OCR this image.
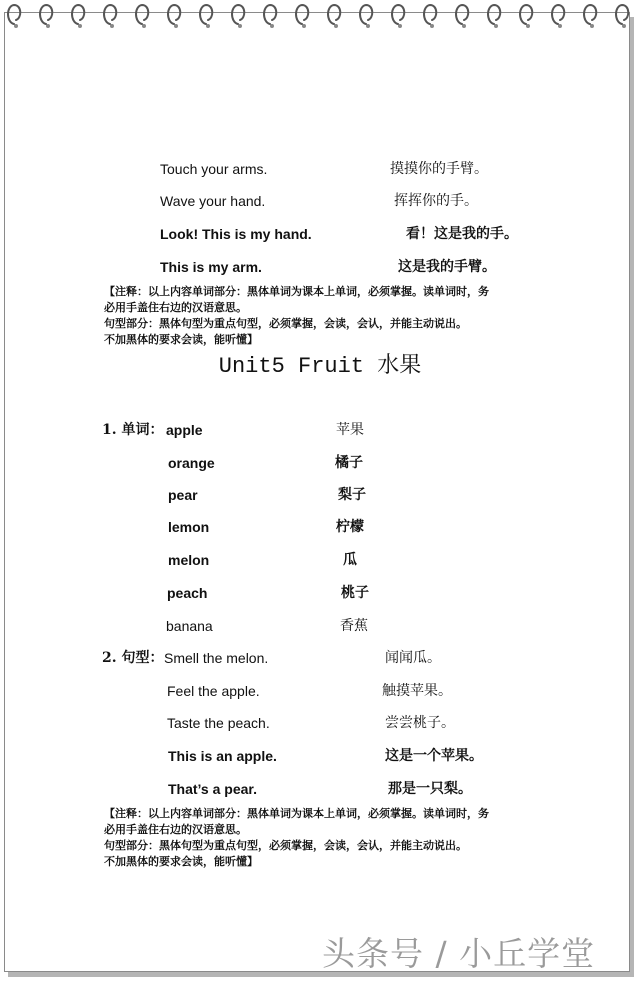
Touch your arms.	摸摸你的手臂。
Wave your hand.	挥挥你的手。
Look! This is my hand.	看！这是我的手。
This is my arm.	这是我的手臂。
【注释：以上内容单词部分：黑体单词为课本上单词，必须掌握。读单词时，务
必用手盖住右边的汉语意思。
句型部分：黑体句型为重点句型，必须掌握，会读，会认，并能主动说出。
不加黑体的要求会读，能听懂】
Unit5 Fruit 水果
1. 单词： apple	苹果
orange	橘子
pear	梨子
lemon	柠檬
melon	瓜
peach	桃子
banana	香蕉
2. 句型： Smell the melon.	闻闻瓜。
Feel the apple.	触摸苹果。
Taste the peach.	尝尝桃子。
This is an apple.	这是一个苹果。
That’s a pear.	那是一只梨。
【注释：以上内容单词部分：黑体单词为课本上单词，必须掌握。读单词时，务
必用手盖住右边的汉语意思。
句型部分：黑体句型为重点句型，必须掌握，会读，会认，并能主动说出。
不加黑体的要求会读，能听懂】
头条号 / 小丘学堂
